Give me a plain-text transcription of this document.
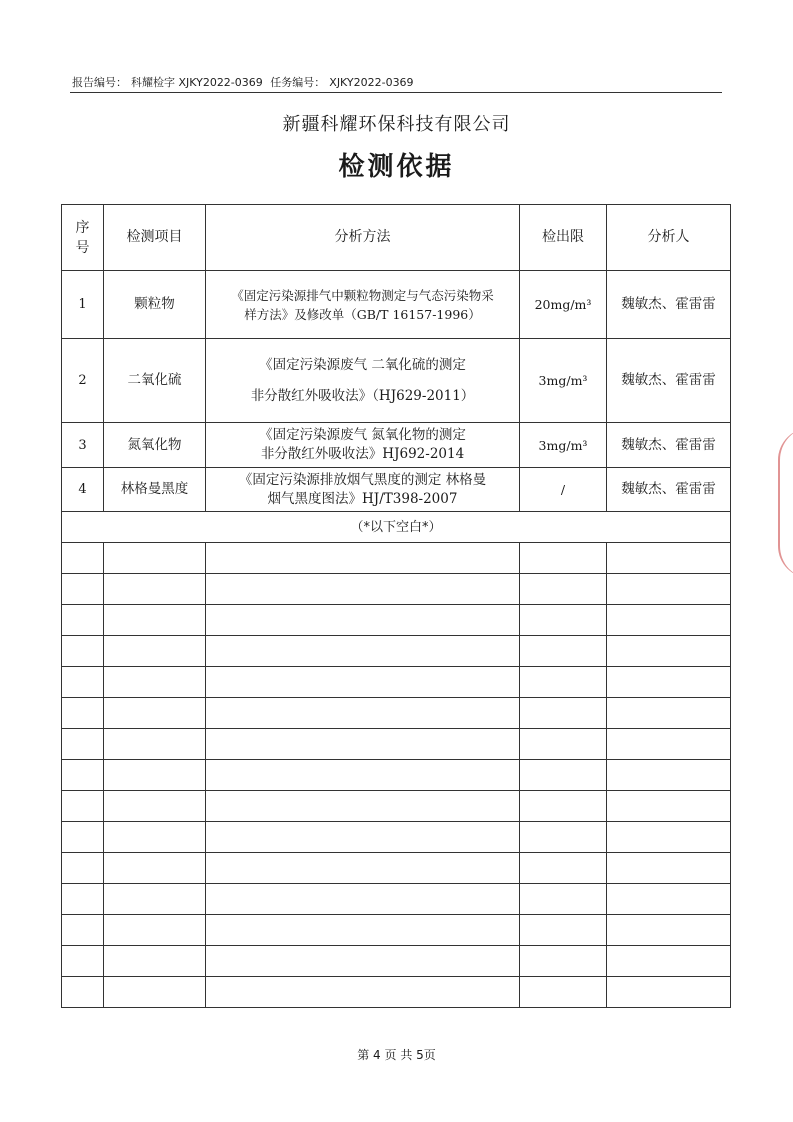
报告编号： 科耀检字 XJKY2022-0369 任务编号： XJKY2022-0369
新疆科耀环保科技有限公司
检测依据
序号	检测项目	分析方法	检出限	分析人
1	颗粒物	《固定污染源排气中颗粒物测定与气态污染物采
样方法》及修改单（GB/T 16157-1996）	20mg/m³	魏敏杰、霍雷雷
2	二氧化硫	《固定污染源废气 二氧化硫的测定
非分散红外吸收法》（HJ629-2011）	3mg/m³	魏敏杰、霍雷雷
3	氮氧化物	《固定污染源废气 氮氧化物的测定
非分散红外吸收法》HJ692-2014	3mg/m³	魏敏杰、霍雷雷
4	林格曼黑度	《固定污染源排放烟气黑度的测定 林格曼
烟气黑度图法》HJ/T398-2007	/	魏敏杰、霍雷雷
（*以下空白*）				

第 4 页 共 5页
